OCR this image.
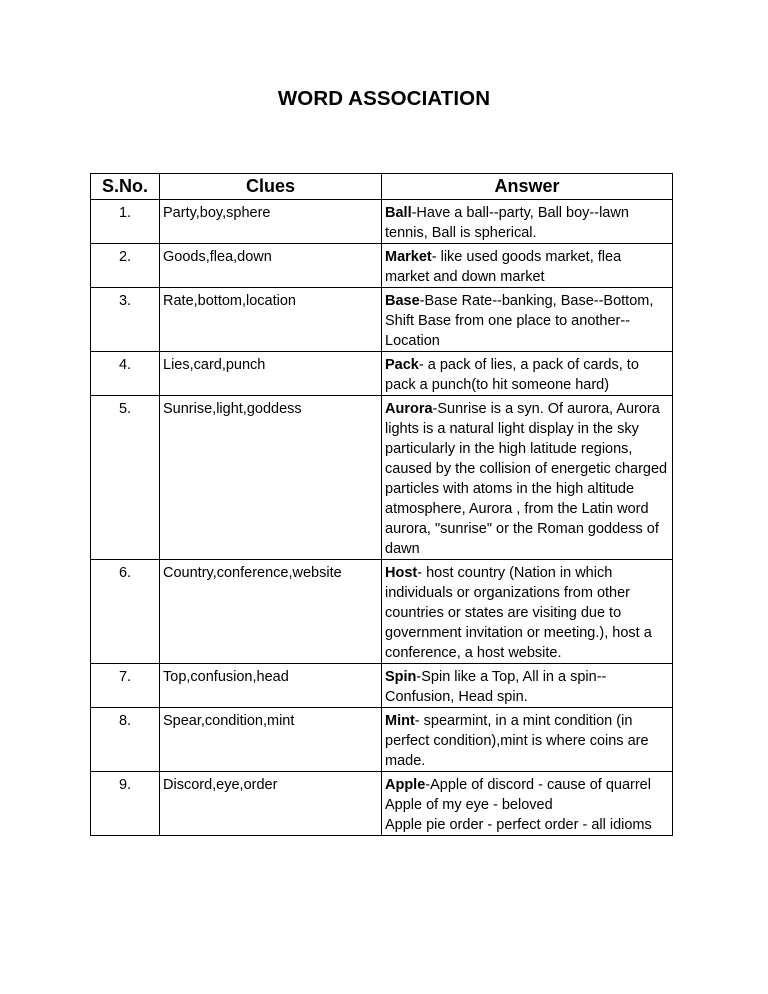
WORD ASSOCIATION
S.No.	Clues	Answer
1.	Party,boy,sphere	Ball-Have a ball--party, Ball boy--lawn tennis, Ball is spherical.

2.	Goods,flea,down	Market- like used goods market, flea market and down market

3.	Rate,bottom,location	Base-Base Rate--banking, Base--Bottom, Shift Base from one place to another--Location

4.	Lies,card,punch	Pack- a pack of lies, a pack of cards, to pack a punch(to hit someone hard)

5.	Sunrise,light,goddess	Aurora-Sunrise is a syn. Of aurora, Aurora lights is a natural light display in the sky particularly in the high latitude regions, caused by the collision of energetic charged particles with atoms in the high altitude atmosphere, Aurora , from the Latin word aurora, "sunrise" or the Roman goddess of dawn

6.	Country,conference,website	Host- host country (Nation in which individuals or organizations from other countries or states are visiting due to government invitation or meeting.), host a conference, a host website.

7.	Top,confusion,head	Spin-Spin like a Top, All in a spin--Confusion, Head spin.

8.	Spear,condition,mint	Mint- spearmint, in a mint condition (in perfect condition),mint is where coins are made.

9.	Discord,eye,order	Apple-Apple of discord - cause of quarrel
Apple of my eye - beloved
Apple pie order - perfect order - all idioms
